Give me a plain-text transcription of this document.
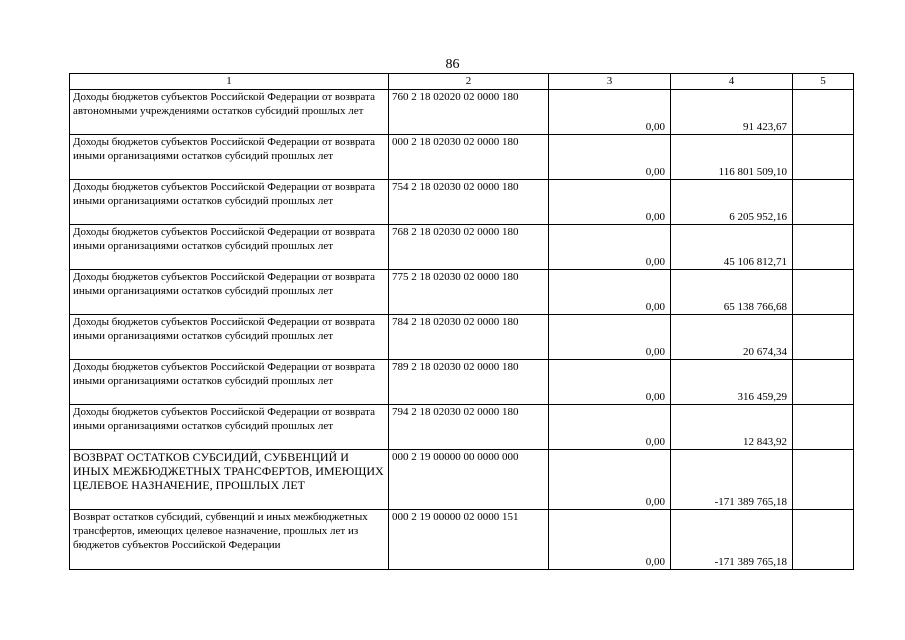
86
1	2	3	4	5
Доходы бюджетов субъектов Российской Федерации от возврата автономными учреждениями остатков субсидий прошлых лет	760 2 18 02020 02 0000 180	0,00	91 423,67	
Доходы бюджетов субъектов Российской Федерации от возврата иными организациями остатков субсидий прошлых лет	000 2 18 02030 02 0000 180	0,00	116 801 509,10	
Доходы бюджетов субъектов Российской Федерации от возврата иными организациями остатков субсидий прошлых лет	754 2 18 02030 02 0000 180	0,00	6 205 952,16	
Доходы бюджетов субъектов Российской Федерации от возврата иными организациями остатков субсидий прошлых лет	768 2 18 02030 02 0000 180	0,00	45 106 812,71	
Доходы бюджетов субъектов Российской Федерации от возврата иными организациями остатков субсидий прошлых лет	775 2 18 02030 02 0000 180	0,00	65 138 766,68	
Доходы бюджетов субъектов Российской Федерации от возврата иными организациями остатков субсидий прошлых лет	784 2 18 02030 02 0000 180	0,00	20 674,34	
Доходы бюджетов субъектов Российской Федерации от возврата иными организациями остатков субсидий прошлых лет	789 2 18 02030 02 0000 180	0,00	316 459,29	
Доходы бюджетов субъектов Российской Федерации от возврата иными организациями остатков субсидий прошлых лет	794 2 18 02030 02 0000 180	0,00	12 843,92	
ВОЗВРАТ ОСТАТКОВ СУБСИДИЙ, СУБВЕНЦИЙ И ИНЫХ МЕЖБЮДЖЕТНЫХ ТРАНСФЕРТОВ, ИМЕЮЩИХ ЦЕЛЕВОЕ НАЗНАЧЕНИЕ, ПРОШЛЫХ ЛЕТ	000 2 19 00000 00 0000 000	0,00	-171 389 765,18	
Возврат остатков субсидий, субвенций и иных межбюджетных трансфертов, имеющих целевое назначение, прошлых лет из бюджетов субъектов Российской Федерации	000 2 19 00000 02 0000 151	0,00	-171 389 765,18	
